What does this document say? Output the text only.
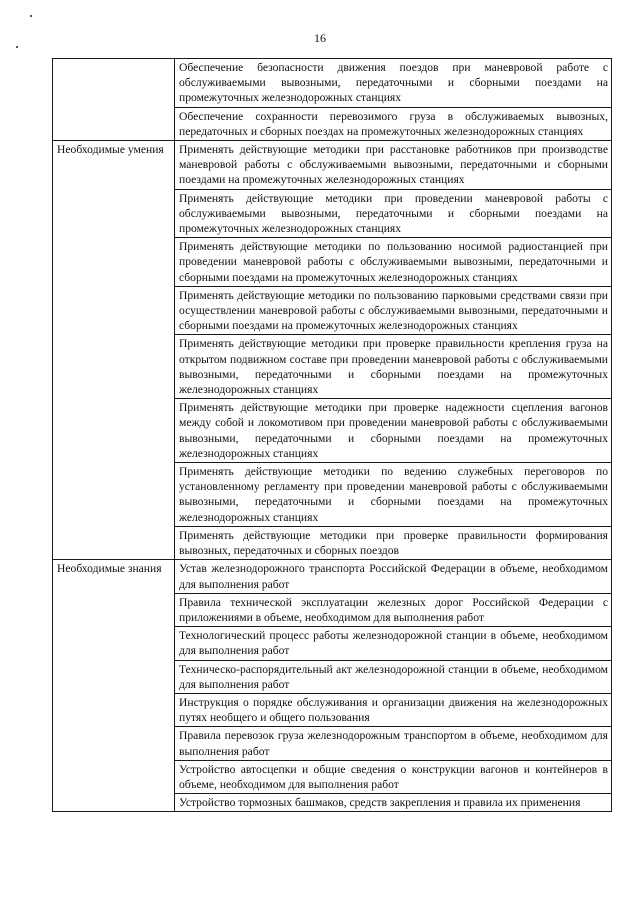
16
	Обеспечение безопасности движения поездов при маневровой работе с обслуживаемыми вывозными, передаточными и сборными поездами на промежуточных железнодорожных станциях
	Обеспечение сохранности перевозимого груза в обслуживаемых вывозных, передаточных и сборных поездах на промежуточных железнодорожных станциях
Необходимые умения	Применять действующие методики при расстановке работников при производстве маневровой работы с обслуживаемыми вывозными, передаточными и сборными поездами на промежуточных железнодорожных станциях
	Применять действующие методики при проведении маневровой работы с обслуживаемыми вывозными, передаточными и сборными поездами на промежуточных железнодорожных станциях
	Применять действующие методики по пользованию носимой радиостанцией при проведении маневровой работы с обслуживаемыми вывозными, передаточными и сборными поездами на промежуточных железнодорожных станциях
	Применять действующие методики по пользованию парковыми средствами связи при осуществлении маневровой работы с обслуживаемыми вывозными, передаточными и сборными поездами на промежуточных железнодорожных станциях
	Применять действующие методики при проверке правильности крепления груза на открытом подвижном составе при проведении маневровой работы с обслуживаемыми вывозными, передаточными и сборными поездами на промежуточных железнодорожных станциях
	Применять действующие методики при проверке надежности сцепления вагонов между собой и локомотивом при проведении маневровой работы с обслуживаемыми вывозными, передаточными и сборными поездами на промежуточных железнодорожных станциях
	Применять действующие методики по ведению служебных переговоров по установленному регламенту при проведении маневровой работы с обслуживаемыми вывозными, передаточными и сборными поездами на промежуточных железнодорожных станциях
	Применять действующие методики при проверке правильности формирования вывозных, передаточных и сборных поездов
Необходимые знания	Устав железнодорожного транспорта Российской Федерации в объеме, необходимом для выполнения работ
	Правила технической эксплуатации железных дорог Российской Федерации с приложениями в объеме, необходимом для выполнения работ
	Технологический процесс работы железнодорожной станции в объеме, необходимом для выполнения работ
	Техническо-распорядительный акт железнодорожной станции в объеме, необходимом для выполнения работ
	Инструкция о порядке обслуживания и организации движения на железнодорожных путях необщего и общего пользования
	Правила перевозок груза железнодорожным транспортом в объеме, необходимом для выполнения работ
	Устройство автосцепки и общие сведения о конструкции вагонов и контейнеров в объеме, необходимом для выполнения работ
	Устройство тормозных башмаков, средств закрепления и правила их применения
